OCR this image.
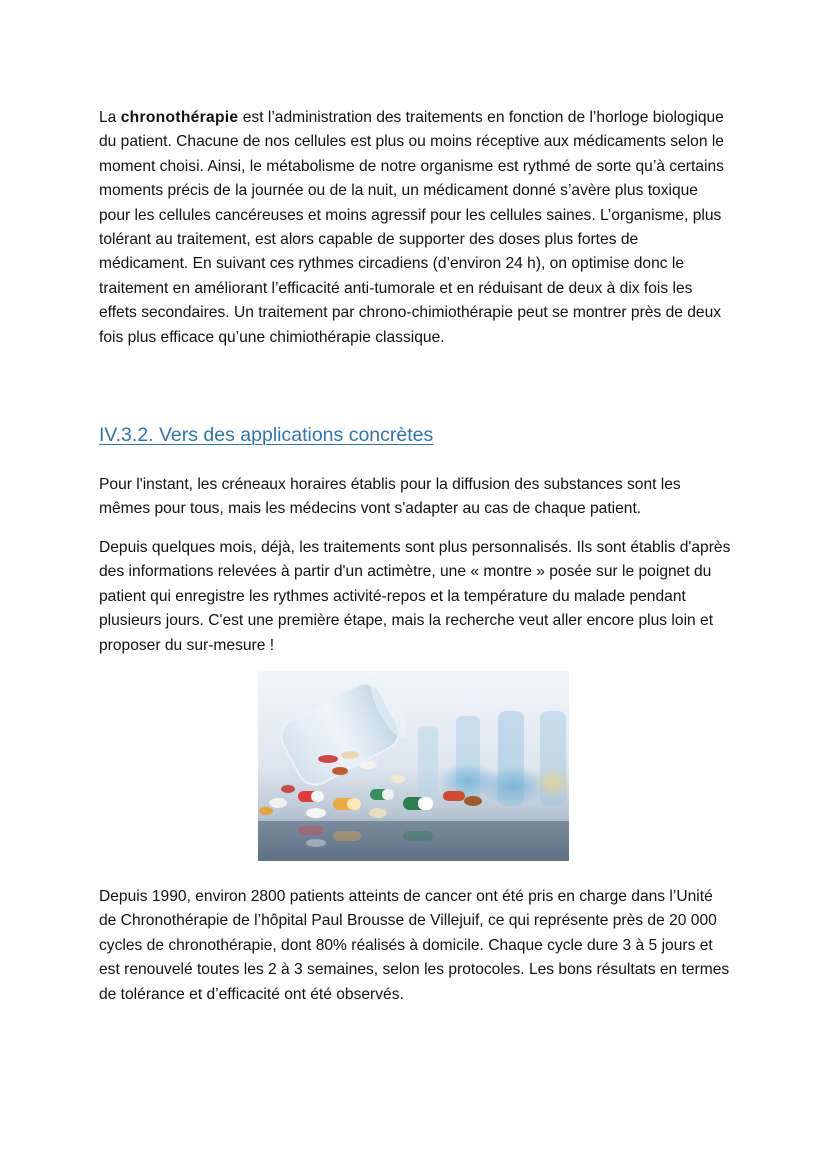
La chronothérapie est l’administration des traitements en fonction de l’horloge biologique du patient. Chacune de nos cellules est plus ou moins réceptive aux médicaments selon le moment choisi. Ainsi, le métabolisme de notre organisme est rythmé de sorte qu’à certains moments précis de la journée ou de la nuit, un médicament donné s’avère plus toxique pour les cellules cancéreuses et moins agressif pour les cellules saines. L’organisme, plus tolérant au traitement, est alors capable de supporter des doses plus fortes de médicament. En suivant ces rythmes circadiens (d’environ 24 h), on optimise donc le traitement en améliorant l’efficacité anti-tumorale et en réduisant de deux à dix fois les effets secondaires. Un traitement par chrono-chimiothérapie peut se montrer près de deux fois plus efficace qu’une chimiothérapie classique.

IV.3.2. Vers des applications concrètes

Pour l'instant, les créneaux horaires établis pour la diffusion des substances sont les mêmes pour tous, mais les médecins vont s'adapter au cas de chaque patient.

Depuis quelques mois, déjà, les traitements sont plus personnalisés. Ils sont établis d'après des informations relevées à partir d'un actimètre, une « montre » posée sur le poignet du patient qui enregistre les rythmes activité-repos et la température du malade pendant plusieurs jours. C'est une première étape, mais la recherche veut aller encore plus loin et proposer du sur-mesure !

Depuis 1990, environ 2800 patients atteints de cancer ont été pris en charge dans l’Unité de Chronothérapie de l’hôpital Paul Brousse de Villejuif, ce qui représente près de 20 000 cycles de chronothérapie, dont 80% réalisés à domicile. Chaque cycle dure 3 à 5 jours et est renouvelé toutes les 2 à 3 semaines, selon les protocoles. Les bons résultats en termes de tolérance et d’efficacité ont été observés.
